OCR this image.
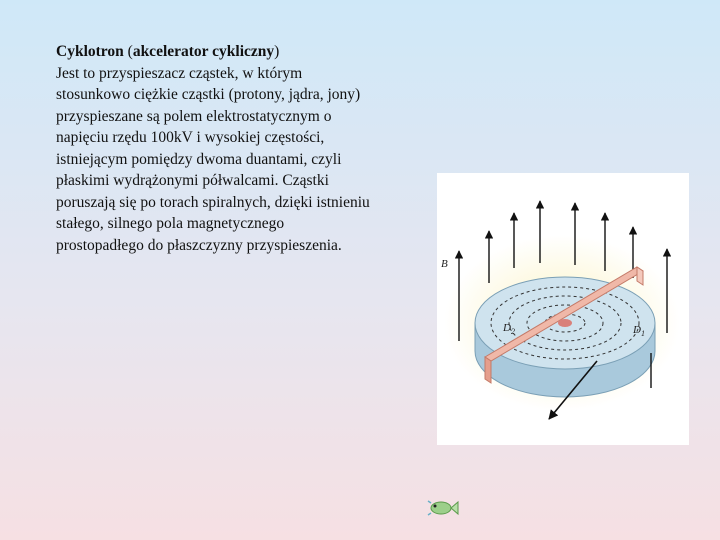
Cyklotron (akcelerator cykliczny)
Jest to przyspieszacz cząstek, w którym
stosunkowo ciężkie cząstki (protony, jądra, jony)
przyspieszane są polem elektrostatycznym o
napięciu rzędu 100kV i wysokiej częstości,
istniejącym pomiędzy dwoma duantami, czyli
płaskimi wydrążonymi półwalcami. Cząstki
poruszają się po torach spiralnych, dzięki istnieniu
stałego, silnego pola magnetycznego
prostopadłego do płaszczyzny przyspieszenia.
B
$D_2$	$D_1$
